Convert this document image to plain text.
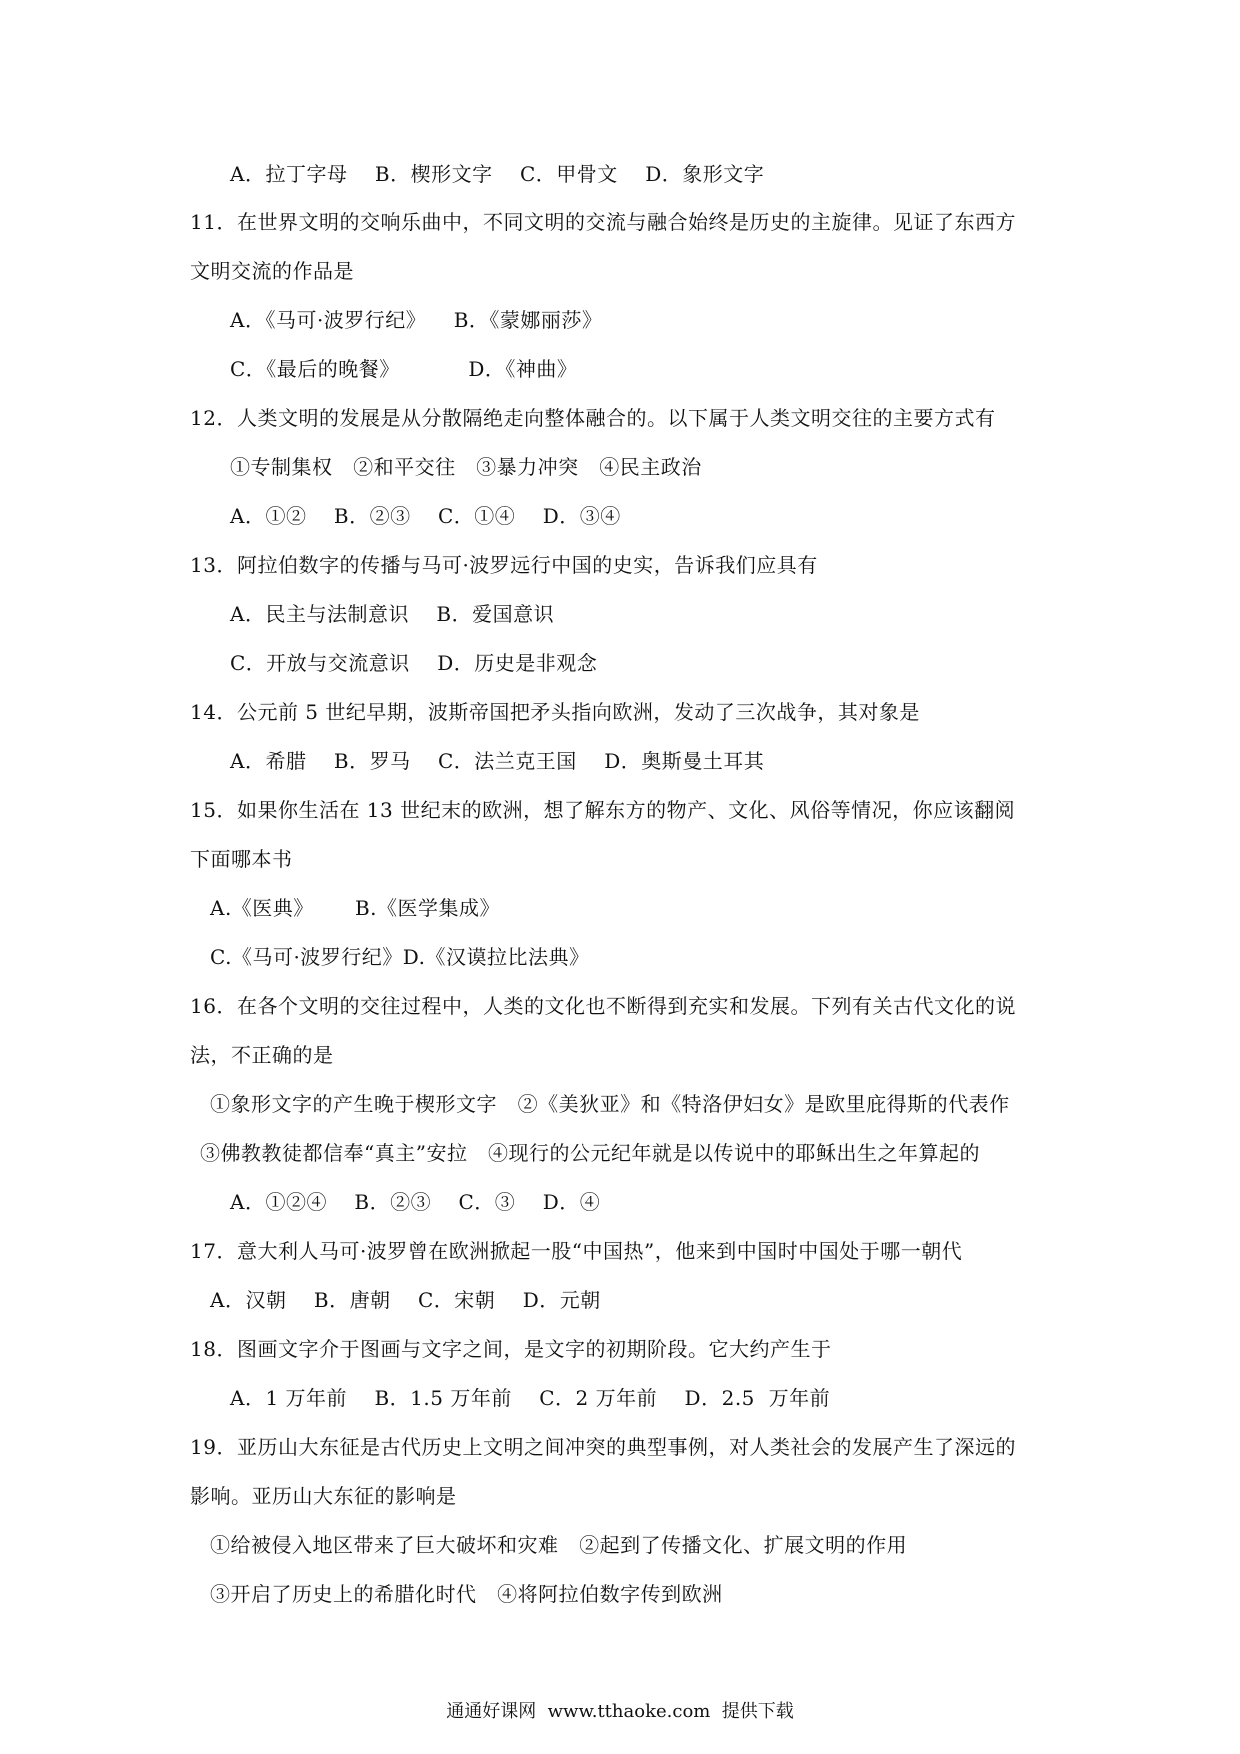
A．拉丁字母    B．楔形文字    C．甲骨文    D．象形文字
11．在世界文明的交响乐曲中，不同文明的交流与融合始终是历史的主旋律。见证了东西方
文明交流的作品是
A．《马可·波罗行纪》    B．《蒙娜丽莎》
C．《最后的晚餐》          D．《神曲》
12．人类文明的发展是从分散隔绝走向整体融合的。以下属于人类文明交往的主要方式有
①专制集权   ②和平交往   ③暴力冲突   ④民主政治
A．①②    B．②③    C．①④    D．③④
13．阿拉伯数字的传播与马可·波罗远行中国的史实，告诉我们应具有
A．民主与法制意识    B．爱国意识
C．开放与交流意识    D．历史是非观念
14．公元前 5 世纪早期，波斯帝国把矛头指向欧洲，发动了三次战争，其对象是
A．希腊    B．罗马    C．法兰克王国    D．奥斯曼土耳其
15．如果你生活在 13 世纪末的欧洲，想了解东方的物产、文化、风俗等情况，你应该翻阅
下面哪本书
A.《医典》      B.《医学集成》
C.《马可·波罗行纪》D.《汉谟拉比法典》
16．在各个文明的交往过程中，人类的文化也不断得到充实和发展。下列有关古代文化的说
法，不正确的是
①象形文字的产生晚于楔形文字   ②《美狄亚》和《特洛伊妇女》是欧里庇得斯的代表作
③佛教教徒都信奉“真主”安拉   ④现行的公元纪年就是以传说中的耶稣出生之年算起的
A．①②④    B．②③    C．③    D．④
17．意大利人马可·波罗曾在欧洲掀起一股“中国热”，他来到中国时中国处于哪一朝代
A．汉朝    B．唐朝    C．宋朝    D．元朝
18．图画文字介于图画与文字之间，是文字的初期阶段。它大约产生于
A．1 万年前    B．1.5 万年前    C．2 万年前    D．2.5  万年前
19．亚历山大东征是古代历史上文明之间冲突的典型事例，对人类社会的发展产生了深远的
影响。亚历山大东征的影响是
①给被侵入地区带来了巨大破坏和灾难   ②起到了传播文化、扩展文明的作用
③开启了历史上的希腊化时代   ④将阿拉伯数字传到欧洲
通通好课网  www.tthaoke.com  提供下载
